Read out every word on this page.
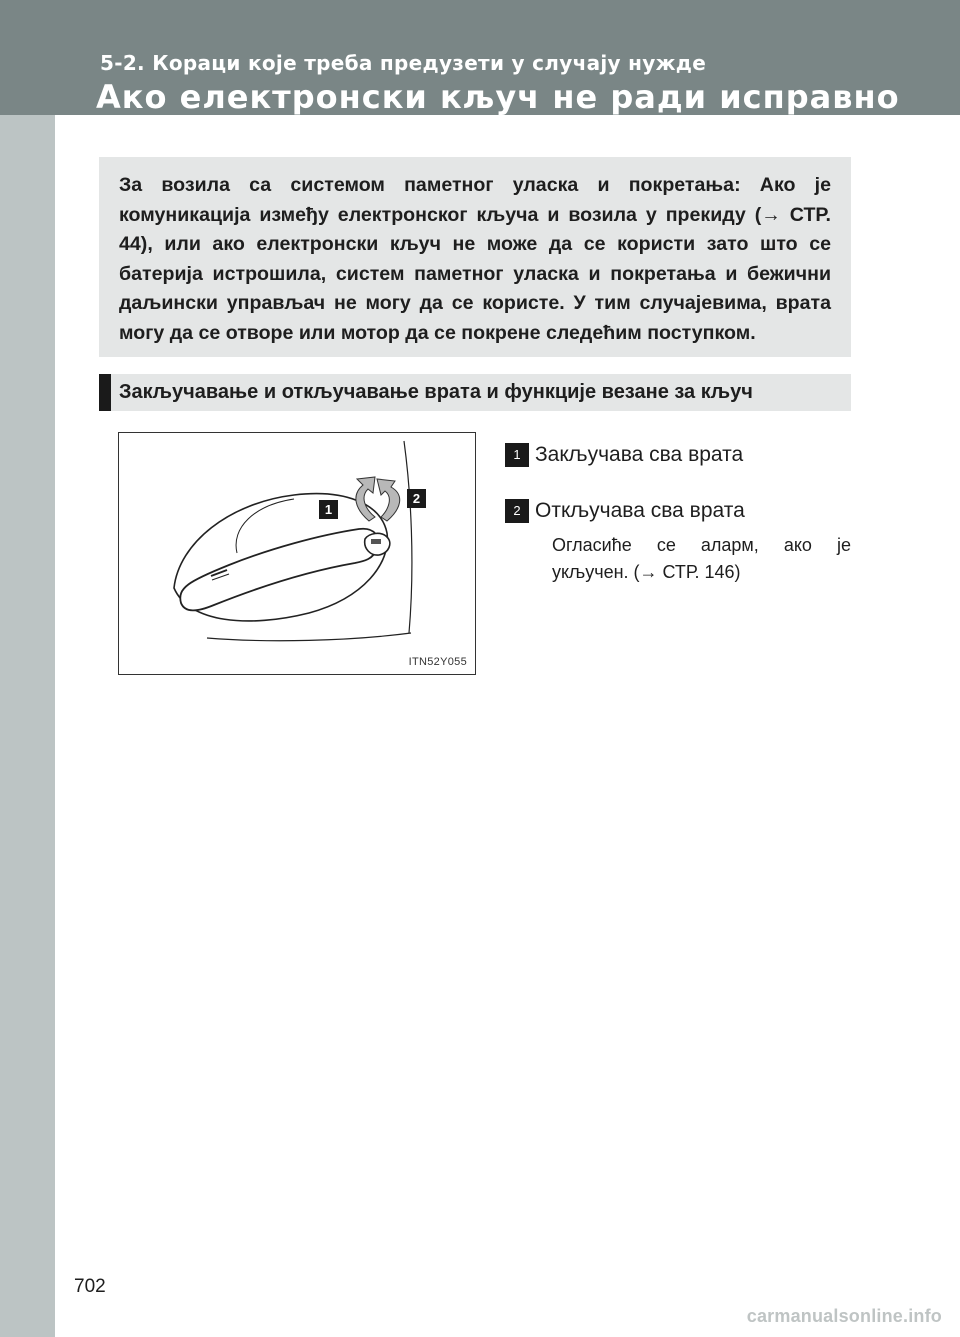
5-2. Кораци које треба предузети у случају нужде
Ако електронски кључ не ради исправно

За возила са системом паметног уласка и покретања: Ако је комуникација између електронског кључа и возила у прекиду (→ СТР. 44), или ако електронски кључ не може да се користи зато што се батерија истрошила, систем паметног уласка и покретања и бежични даљински управљач не могу да се користе. У тим случајевима, врата могу да се отворе или мотор да се покрене следећим поступком.

Закључавање и откључавање врата и функције везане за кључ
1
2
ITN52Y055
1 Закључава сва врата
2 Откључава сва врата
Огласиће се аларм, ако је укључен. (→ СТР. 146)
702
carmanualsonline.info
